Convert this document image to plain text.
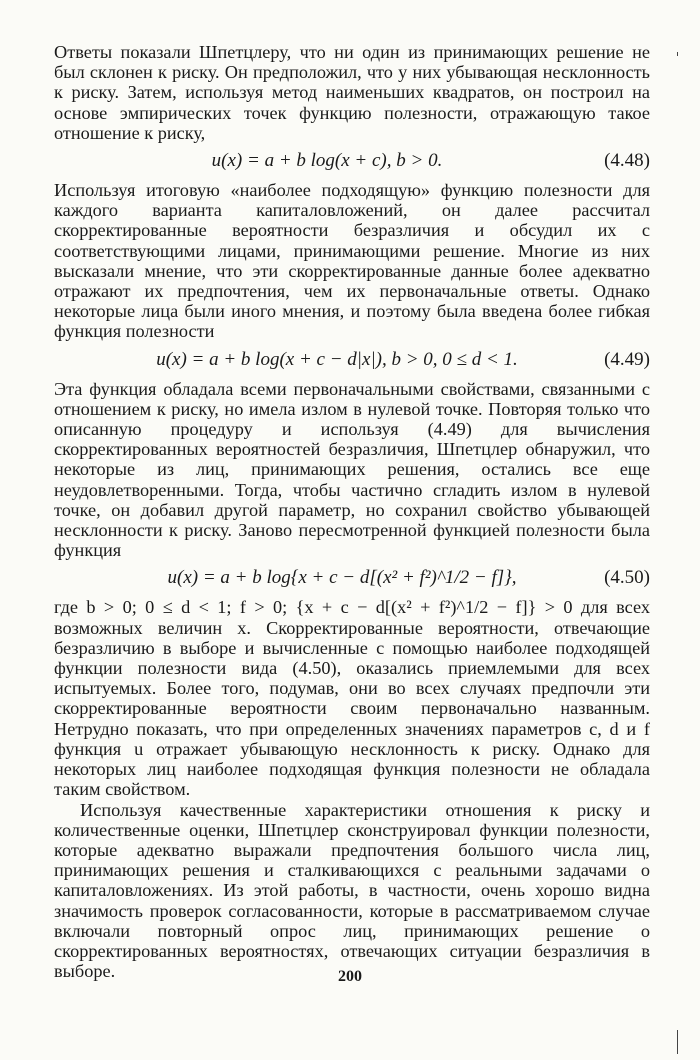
Ответы показали Шпетцлеру, что ни один из принимающих решение не был склонен к риску. Он предположил, что у них убывающая несклонность к риску. Затем, используя метод наименьших квадратов, он построил на основе эмпирических точек функцию полезности, отражающую такое отношение к риску,

u(x) = a + b log(x + c), b > 0.	(4.48)

Используя итоговую «наиболее подходящую» функцию полезности для каждого варианта капиталовложений, он далее рассчитал скорректированные вероятности безразличия и обсудил их с соответствующими лицами, принимающими решение. Многие из них высказали мнение, что эти скорректированные данные более адекватно отражают их предпочтения, чем их первоначальные ответы. Однако некоторые лица были иного мнения, и поэтому была введена более гибкая функция полезности

u(x) = a + b log(x + c − d|x|), b > 0, 0 ≤ d < 1.	(4.49)

Эта функция обладала всеми первоначальными свойствами, связанными с отношением к риску, но имела излом в нулевой точке. Повторяя только что описанную процедуру и используя (4.49) для вычисления скорректированных вероятностей безразличия, Шпетцлер обнаружил, что некоторые из лиц, принимающих решения, остались все еще неудовлетворенными. Тогда, чтобы частично сгладить излом в нулевой точке, он добавил другой параметр, но сохранил свойство убывающей несклонности к риску. Заново пересмотренной функцией полезности была функция

u(x) = a + b log{x + c − d[(x² + f²)^1/2 − f]},	(4.50)

где b > 0; 0 ≤ d < 1; f > 0; {x + c − d[(x² + f²)^1/2 − f]} > 0 для всех возможных величин x. Скорректированные вероятности, отвечающие безразличию в выборе и вычисленные с помощью наиболее подходящей функции полезности вида (4.50), оказались приемлемыми для всех испытуемых. Более того, подумав, они во всех случаях предпочли эти скорректированные вероятности своим первоначально названным. Нетрудно показать, что при определенных значениях параметров c, d и f функция u отражает убывающую несклонность к риску. Однако для некоторых лиц наиболее подходящая функция полезности не обладала таким свойством.

Используя качественные характеристики отношения к риску и количественные оценки, Шпетцлер сконструировал функции полезности, которые адекватно выражали предпочтения большого числа лиц, принимающих решения и сталкивающихся с реальными задачами о капиталовложениях. Из этой работы, в частности, очень хорошо видна значимость проверок согласованности, которые в рассматриваемом случае включали повторный опрос лиц, принимающих решение о скорректированных вероятностях, отвечающих ситуации безразличия в выборе.	200
